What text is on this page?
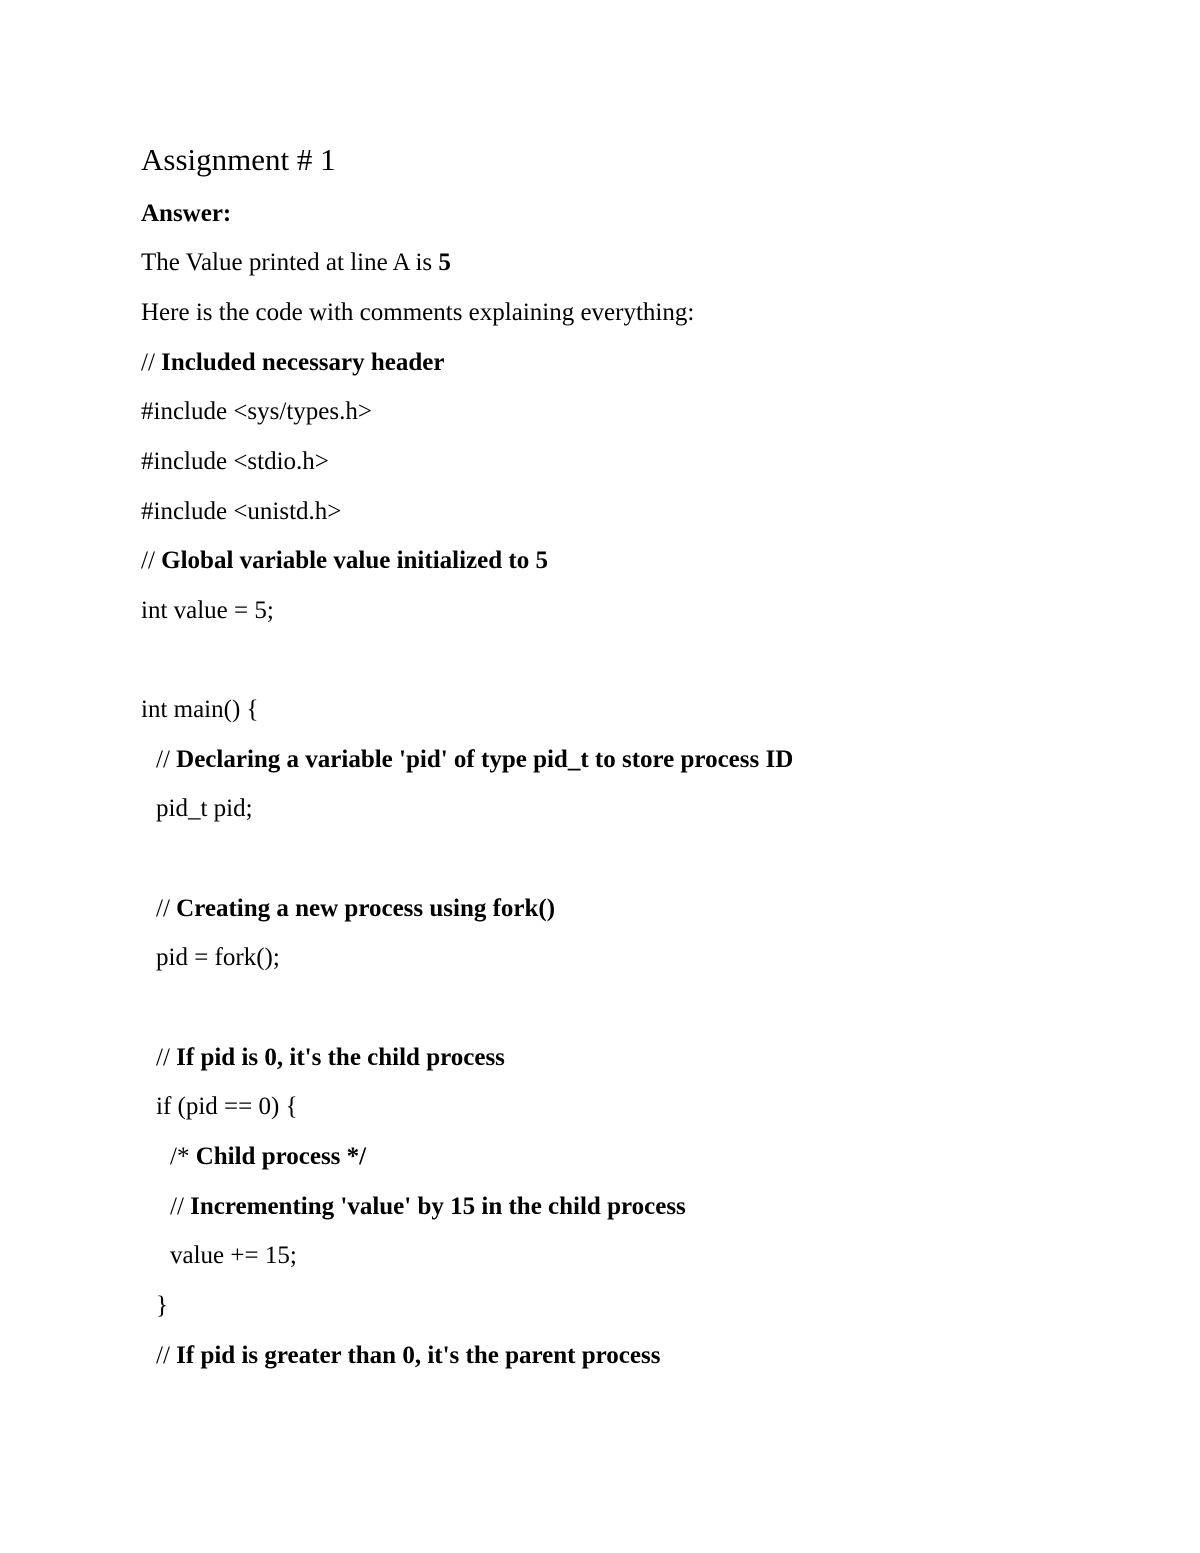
Assignment # 1

Answer:

The Value printed at line A is 5

Here is the code with comments explaining everything:

// Included necessary header

#include <sys/types.h>

#include <stdio.h>

#include <unistd.h>

// Global variable value initialized to 5

int value = 5;

int main() {

// Declaring a variable 'pid' of type pid_t to store process ID

pid_t pid;

// Creating a new process using fork()

pid = fork();

// If pid is 0, it's the child process

if (pid == 0) {

/* Child process */

// Incrementing 'value' by 15 in the child process

value += 15;

}

// If pid is greater than 0, it's the parent process
